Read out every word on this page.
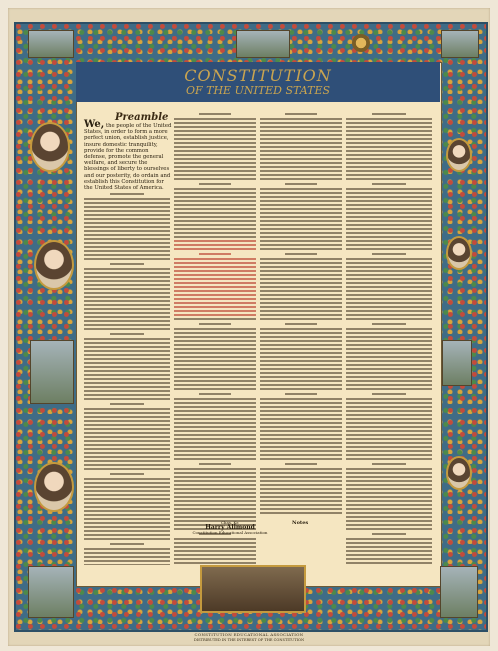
CONSTITUTION
OF THE UNITED STATES
Preamble
We, the people of the United States, in order to form a more perfect union, establish justice, insure domestic tranquility, provide for the common defense, promote the general welfare, and secure the blessings of liberty to ourselves and our posterity, do ordain and establish this Constitution for the United States of America.
Chas. Kr.
Harry Allmond
Constitution Educational Association
Notes
CONSTITUTION EDUCATIONAL ASSOCIATION
DISTRIBUTED IN THE INTEREST OF THE CONSTITUTION
